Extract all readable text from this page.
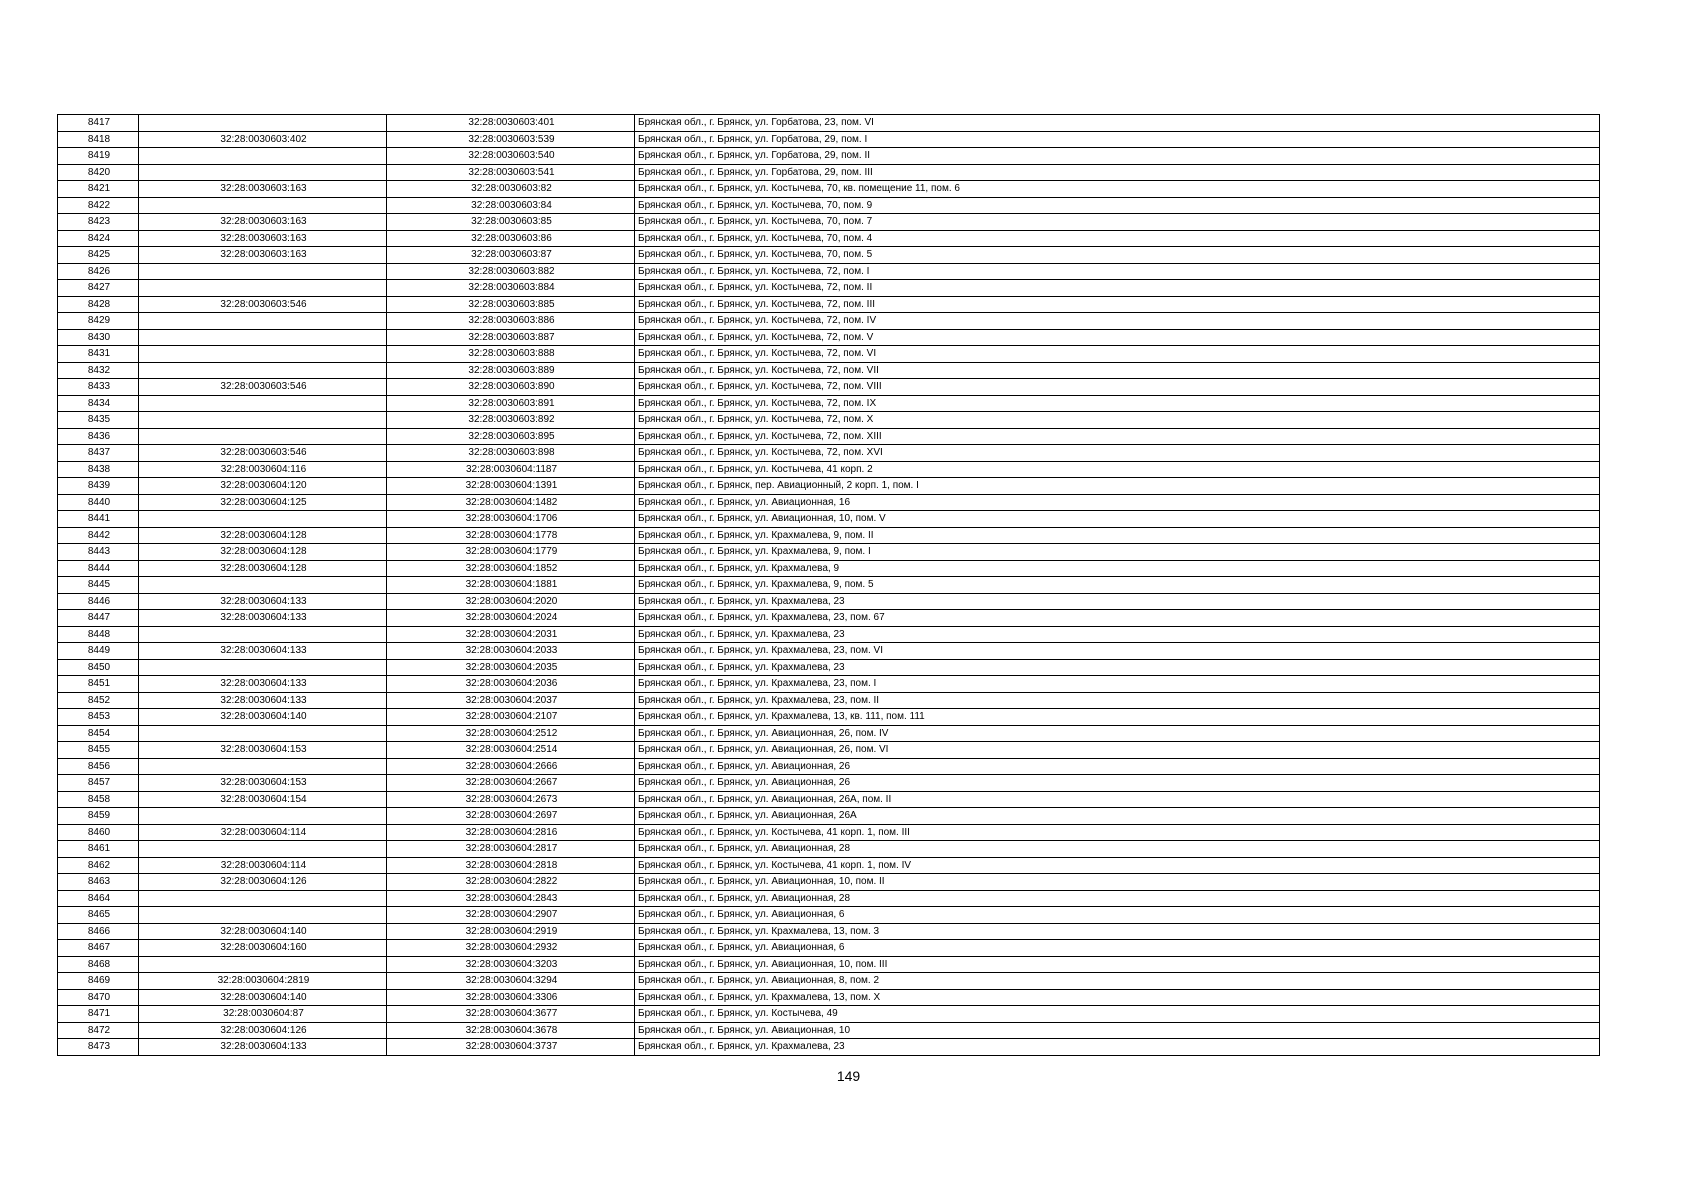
8417		32:28:0030603:401	Брянская обл., г. Брянск, ул. Горбатова, 23, пом. VI
8418	32:28:0030603:402	32:28:0030603:539	Брянская обл., г. Брянск, ул. Горбатова, 29, пом. I
8419		32:28:0030603:540	Брянская обл., г. Брянск, ул. Горбатова, 29, пом. II
8420		32:28:0030603:541	Брянская обл., г. Брянск, ул. Горбатова, 29, пом. III
8421	32:28:0030603:163	32:28:0030603:82	Брянская обл., г. Брянск, ул. Костычева, 70, кв. помещение 11, пом. 6
8422		32:28:0030603:84	Брянская обл., г. Брянск, ул. Костычева, 70, пом. 9
8423	32:28:0030603:163	32:28:0030603:85	Брянская обл., г. Брянск, ул. Костычева, 70, пом. 7
8424	32:28:0030603:163	32:28:0030603:86	Брянская обл., г. Брянск, ул. Костычева, 70, пом. 4
8425	32:28:0030603:163	32:28:0030603:87	Брянская обл., г. Брянск, ул. Костычева, 70, пом. 5
8426		32:28:0030603:882	Брянская обл., г. Брянск, ул. Костычева, 72, пом. I
8427		32:28:0030603:884	Брянская обл., г. Брянск, ул. Костычева, 72, пом. II
8428	32:28:0030603:546	32:28:0030603:885	Брянская обл., г. Брянск, ул. Костычева, 72, пом. III
8429		32:28:0030603:886	Брянская обл., г. Брянск, ул. Костычева, 72, пом. IV
8430		32:28:0030603:887	Брянская обл., г. Брянск, ул. Костычева, 72, пом. V
8431		32:28:0030603:888	Брянская обл., г. Брянск, ул. Костычева, 72, пом. VI
8432		32:28:0030603:889	Брянская обл., г. Брянск, ул. Костычева, 72, пом. VII
8433	32:28:0030603:546	32:28:0030603:890	Брянская обл., г. Брянск, ул. Костычева, 72, пом. VIII
8434		32:28:0030603:891	Брянская обл., г. Брянск, ул. Костычева, 72, пом. IX
8435		32:28:0030603:892	Брянская обл., г. Брянск, ул. Костычева, 72, пом. X
8436		32:28:0030603:895	Брянская обл., г. Брянск, ул. Костычева, 72, пом. XIII
8437	32:28:0030603:546	32:28:0030603:898	Брянская обл., г. Брянск, ул. Костычева, 72, пом. XVI
8438	32:28:0030604:116	32:28:0030604:1187	Брянская обл., г. Брянск, ул. Костычева, 41 корп. 2
8439	32:28:0030604:120	32:28:0030604:1391	Брянская обл., г. Брянск, пер. Авиационный, 2 корп. 1, пом. I
8440	32:28:0030604:125	32:28:0030604:1482	Брянская обл., г. Брянск, ул. Авиационная, 16
8441		32:28:0030604:1706	Брянская обл., г. Брянск, ул. Авиационная, 10, пом. V
8442	32:28:0030604:128	32:28:0030604:1778	Брянская обл., г. Брянск, ул. Крахмалева, 9, пом. II
8443	32:28:0030604:128	32:28:0030604:1779	Брянская обл., г. Брянск, ул. Крахмалева, 9, пом. I
8444	32:28:0030604:128	32:28:0030604:1852	Брянская обл., г. Брянск, ул. Крахмалева, 9
8445		32:28:0030604:1881	Брянская обл., г. Брянск, ул. Крахмалева, 9, пом. 5
8446	32:28:0030604:133	32:28:0030604:2020	Брянская обл., г. Брянск, ул. Крахмалева, 23
8447	32:28:0030604:133	32:28:0030604:2024	Брянская обл., г. Брянск, ул. Крахмалева, 23, пом. 67
8448		32:28:0030604:2031	Брянская обл., г. Брянск, ул. Крахмалева, 23
8449	32:28:0030604:133	32:28:0030604:2033	Брянская обл., г. Брянск, ул. Крахмалева, 23, пом. VI
8450		32:28:0030604:2035	Брянская обл., г. Брянск, ул. Крахмалева, 23
8451	32:28:0030604:133	32:28:0030604:2036	Брянская обл., г. Брянск, ул. Крахмалева, 23, пом. I
8452	32:28:0030604:133	32:28:0030604:2037	Брянская обл., г. Брянск, ул. Крахмалева, 23, пом. II
8453	32:28:0030604:140	32:28:0030604:2107	Брянская обл., г. Брянск, ул. Крахмалева, 13, кв. 111, пом. 111
8454		32:28:0030604:2512	Брянская обл., г. Брянск, ул. Авиационная, 26, пом. IV
8455	32:28:0030604:153	32:28:0030604:2514	Брянская обл., г. Брянск, ул. Авиационная, 26, пом. VI
8456		32:28:0030604:2666	Брянская обл., г. Брянск, ул. Авиационная, 26
8457	32:28:0030604:153	32:28:0030604:2667	Брянская обл., г. Брянск, ул. Авиационная, 26
8458	32:28:0030604:154	32:28:0030604:2673	Брянская обл., г. Брянск, ул. Авиационная, 26А, пом. II
8459		32:28:0030604:2697	Брянская обл., г. Брянск, ул. Авиационная, 26А
8460	32:28:0030604:114	32:28:0030604:2816	Брянская обл., г. Брянск, ул. Костычева, 41 корп. 1, пом. III
8461		32:28:0030604:2817	Брянская обл., г. Брянск, ул. Авиационная, 28
8462	32:28:0030604:114	32:28:0030604:2818	Брянская обл., г. Брянск, ул. Костычева, 41 корп. 1, пом. IV
8463	32:28:0030604:126	32:28:0030604:2822	Брянская обл., г. Брянск, ул. Авиационная, 10, пом. II
8464		32:28:0030604:2843	Брянская обл., г. Брянск, ул. Авиационная, 28
8465		32:28:0030604:2907	Брянская обл., г. Брянск, ул. Авиационная, 6
8466	32:28:0030604:140	32:28:0030604:2919	Брянская обл., г. Брянск, ул. Крахмалева, 13, пом. 3
8467	32:28:0030604:160	32:28:0030604:2932	Брянская обл., г. Брянск, ул. Авиационная, 6
8468		32:28:0030604:3203	Брянская обл., г. Брянск, ул. Авиационная, 10, пом. III
8469	32:28:0030604:2819	32:28:0030604:3294	Брянская обл., г. Брянск, ул. Авиационная, 8, пом. 2
8470	32:28:0030604:140	32:28:0030604:3306	Брянская обл., г. Брянск, ул. Крахмалева, 13, пом. X
8471	32:28:0030604:87	32:28:0030604:3677	Брянская обл., г. Брянск, ул. Костычева, 49
8472	32:28:0030604:126	32:28:0030604:3678	Брянская обл., г. Брянск, ул. Авиационная, 10
8473	32:28:0030604:133	32:28:0030604:3737	Брянская обл., г. Брянск, ул. Крахмалева, 23
149
